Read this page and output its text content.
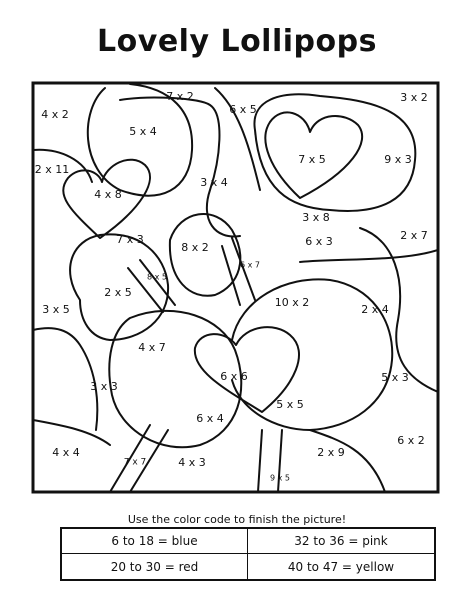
Lovely Lollipops
4 x 2
7 x 2
6 x 5
3 x 2
5 x 4
7 x 5	9 x 3
2 x 11
4 x 8
3 x 4
3 x 8
7 x 3
8 x 2	6 x 3	2 x 7
8 x 5
6 x 7
2 x 5
10 x 2
3 x 5	2 x 4
4 x 7
6 x 6	5 x 3
3 x 3
5 x 5
6 x 4
6 x 2
4 x 4	2 x 9
7 x 7	4 x 3
9 x 5
Use the color code to finish the picture!
6 to 18 = blue	32 to 36 = pink
20 to 30 = red	40 to 47 = yellow
